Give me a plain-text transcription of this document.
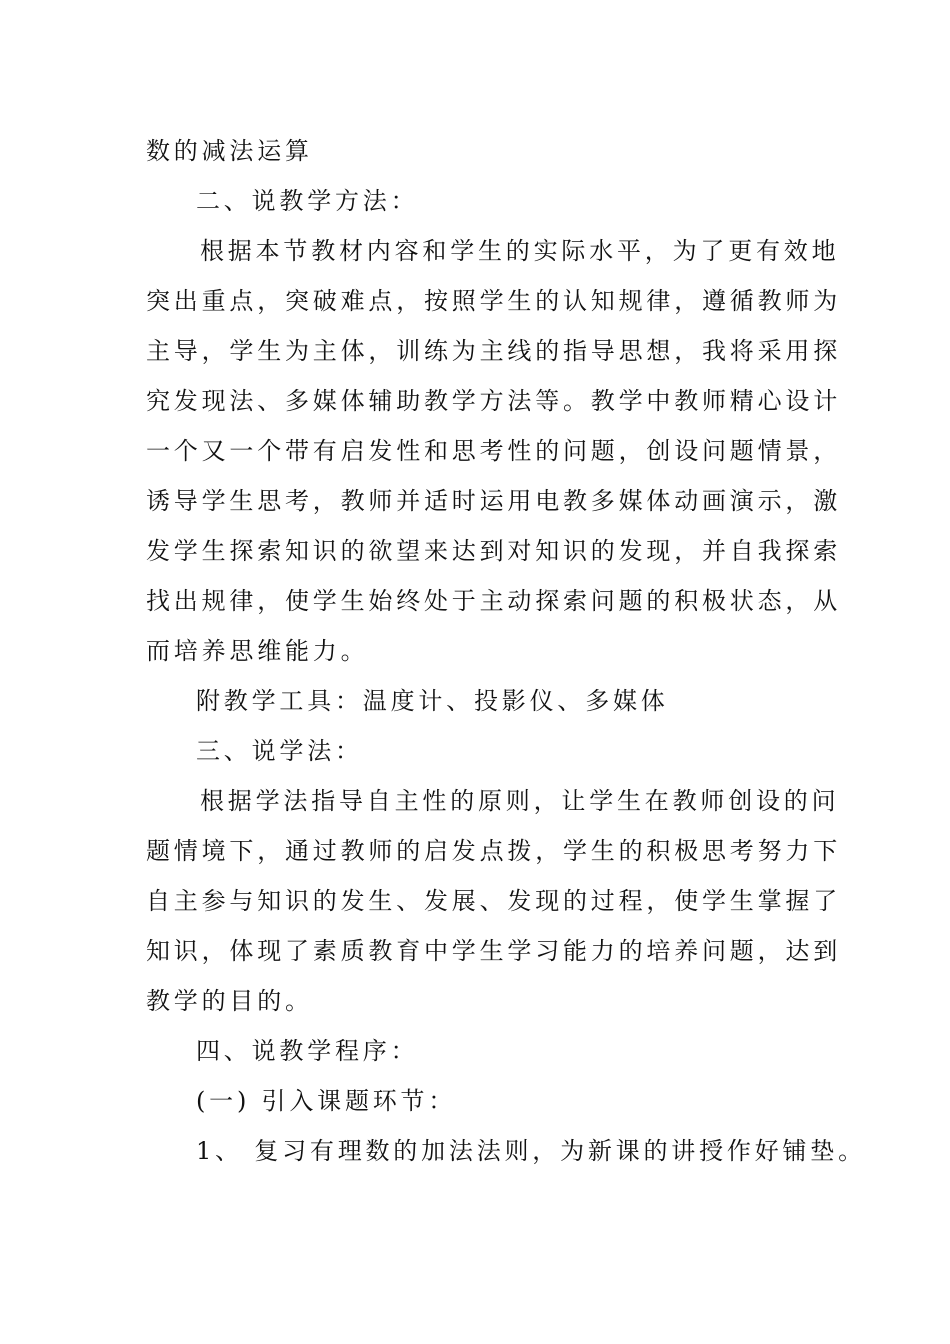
数的减法运算
二、说教学方法：
根据本节教材内容和学生的实际水平，为了更有效地
突出重点，突破难点，按照学生的认知规律，遵循教师为
主导，学生为主体，训练为主线的指导思想，我将采用探
究发现法、多媒体辅助教学方法等。教学中教师精心设计
一个又一个带有启发性和思考性的问题，创设问题情景，
诱导学生思考，教师并适时运用电教多媒体动画演示，激
发学生探索知识的欲望来达到对知识的发现，并自我探索
找出规律，使学生始终处于主动探索问题的积极状态，从
而培养思维能力。
附教学工具：温度计、投影仪、多媒体
三、说学法：
根据学法指导自主性的原则，让学生在教师创设的问
题情境下，通过教师的启发点拨，学生的积极思考努力下
自主参与知识的发生、发展、发现的过程，使学生掌握了
知识，体现了素质教育中学生学习能力的培养问题，达到
教学的目的。
四、说教学程序：
(一) 引入课题环节：
1、 复习有理数的加法法则，为新课的讲授作好铺垫。
